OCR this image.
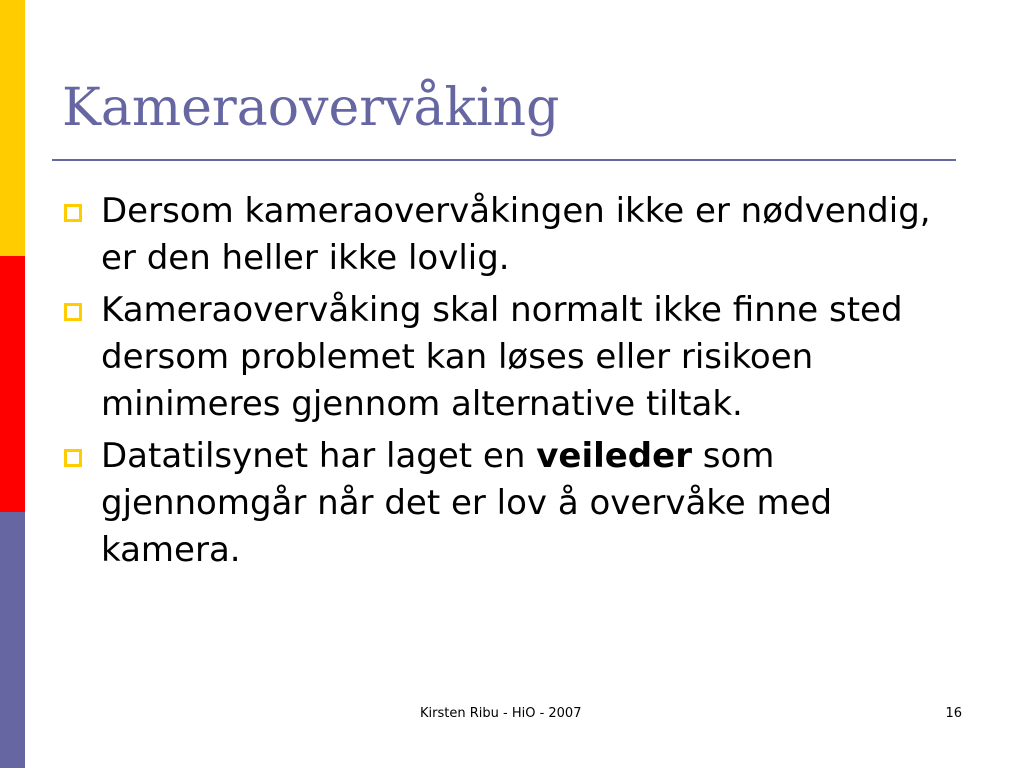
Kameraovervåking
Dersom kameraovervåkingen ikke er nødvendig, er den heller ikke lovlig.
Kameraovervåking skal normalt ikke finne sted dersom problemet kan løses eller risikoen minimeres gjennom alternative tiltak.
Datatilsynet har laget en veileder som gjennomgår når det er lov å overvåke med kamera.
Kirsten Ribu - HiO - 2007	16
